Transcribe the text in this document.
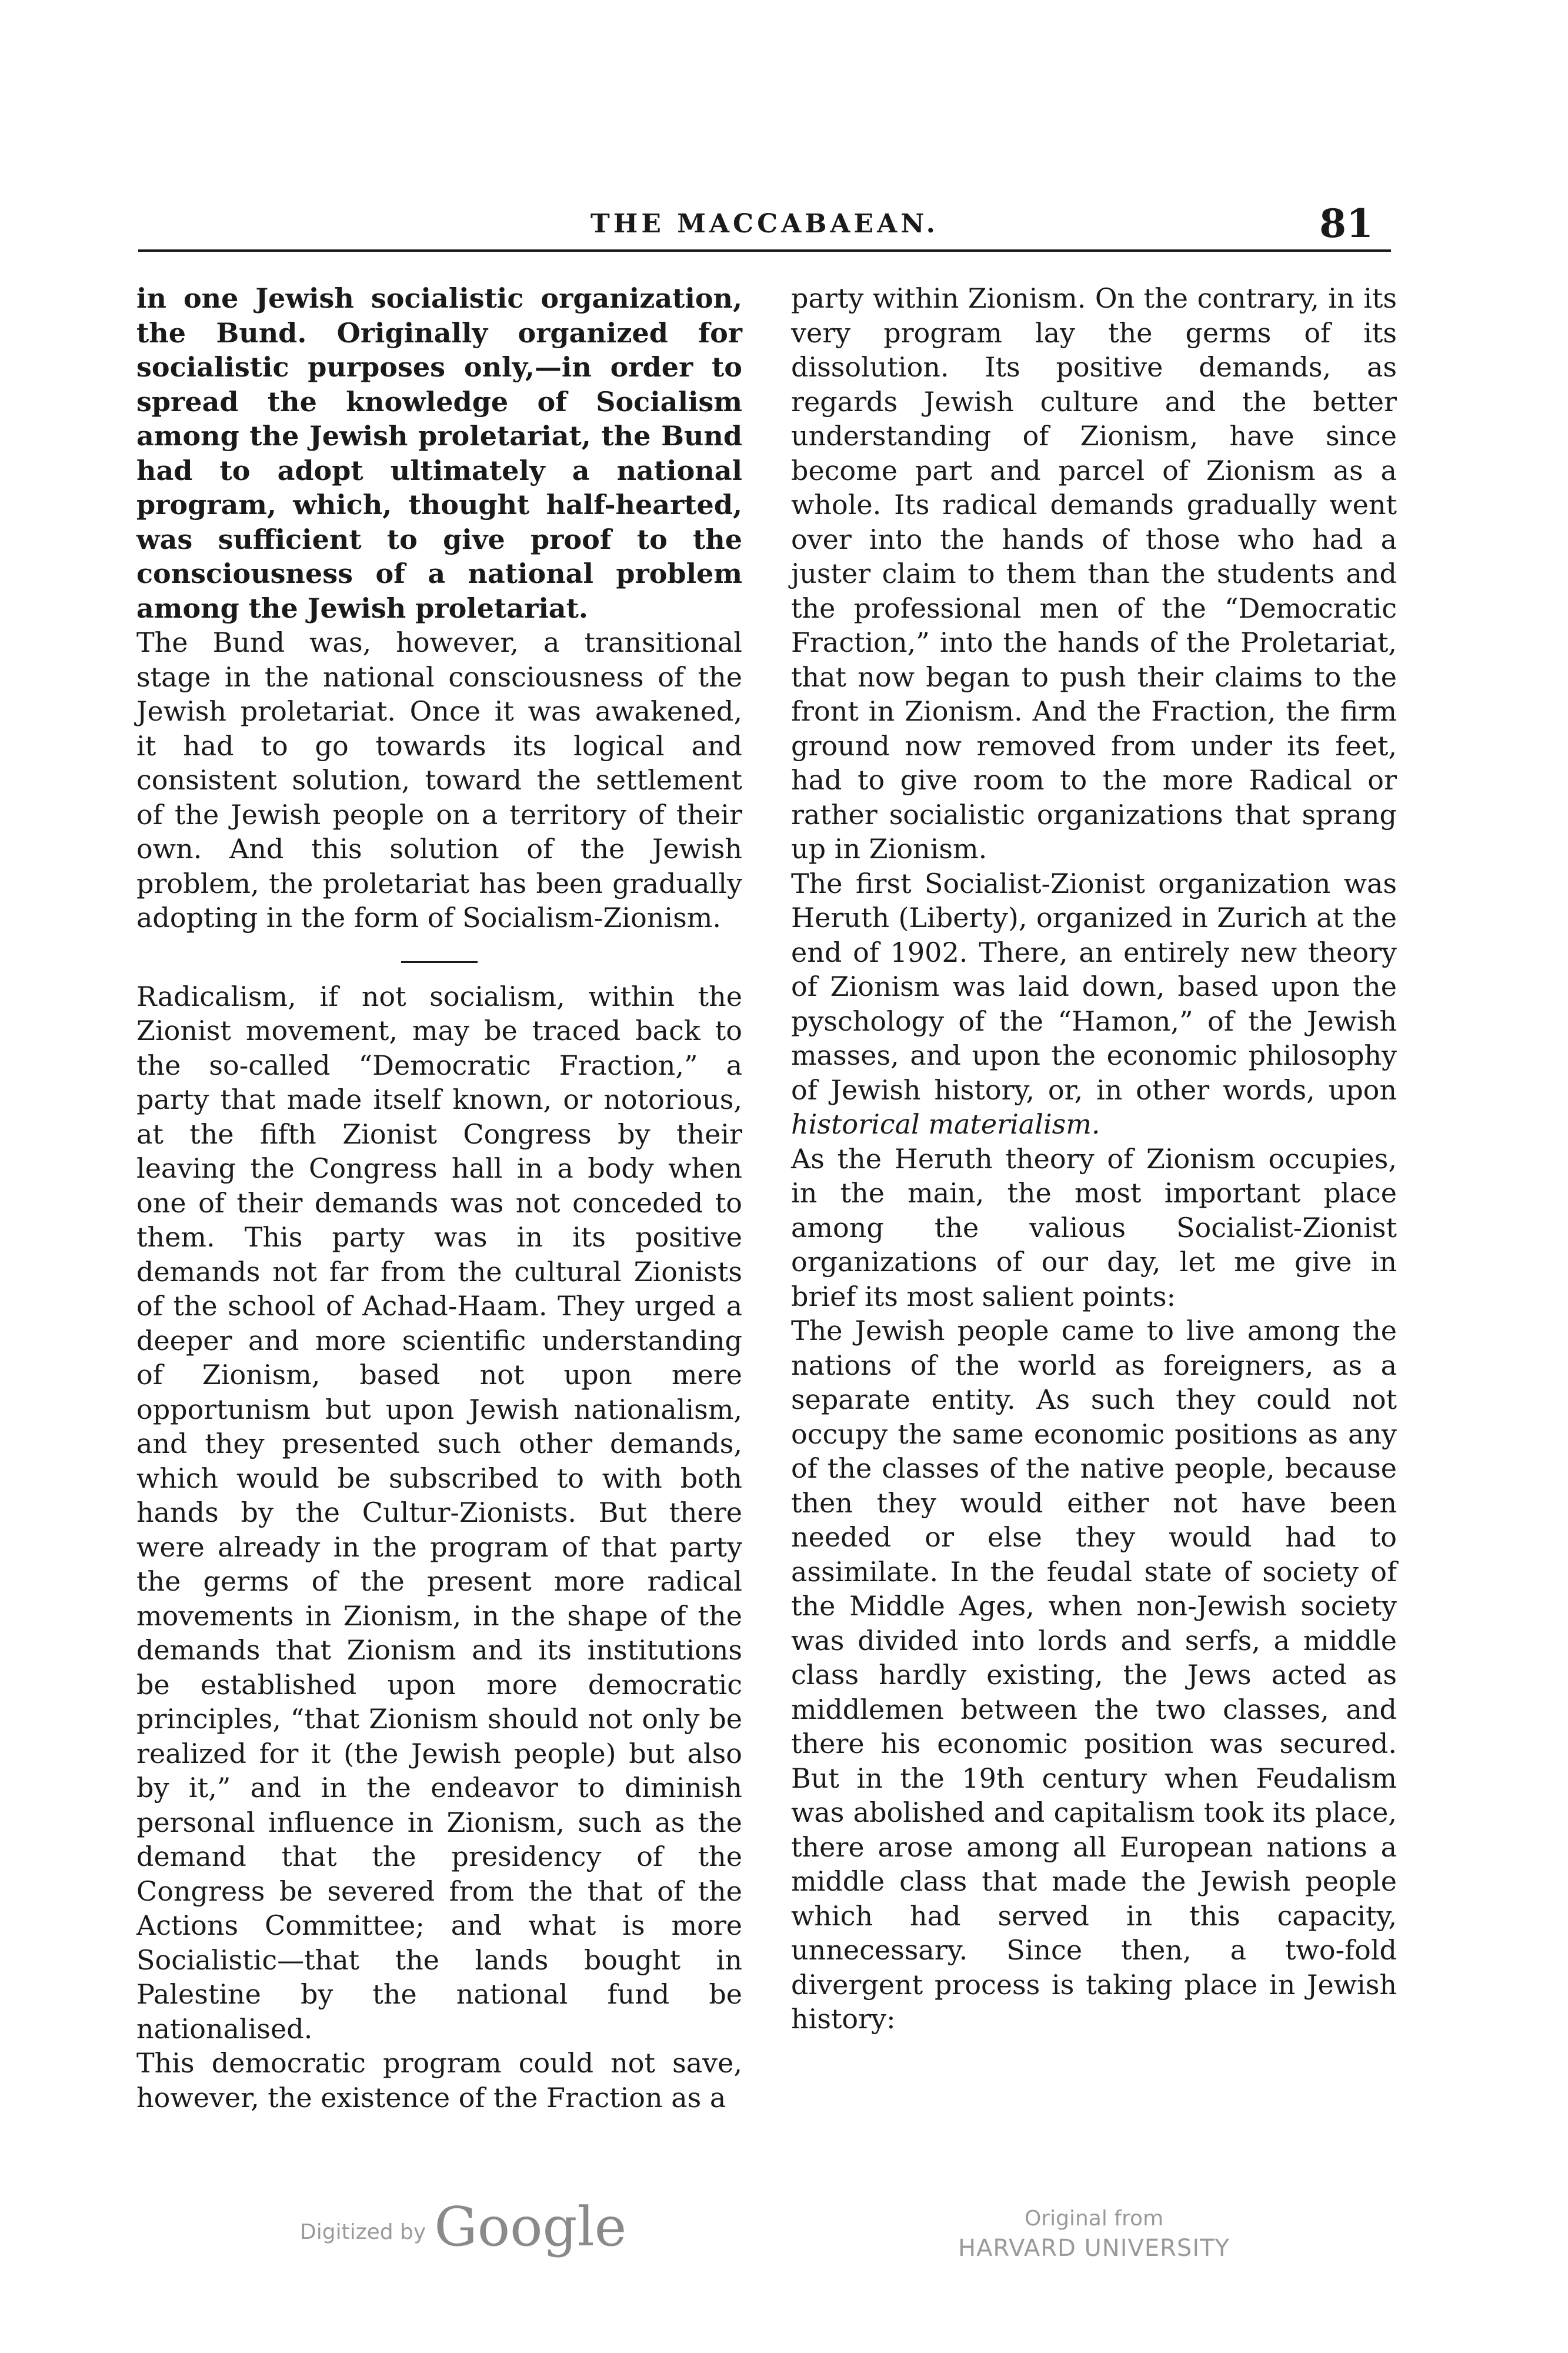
THE MACCABAEAN.	81

in one Jewish socialistic organization, the Bund. Originally organized for socialistic purposes only,—in order to spread the knowledge of Socialism among the Jewish proletariat, the Bund had to adopt ultimately a national program, which, thought half-hearted, was sufficient to give proof to the consciousness of a national problem among the Jewish proletariat.

The Bund was, however, a transitional stage in the national consciousness of the Jewish proletariat. Once it was awakened, it had to go towards its logical and consistent solution, toward the settlement of the Jewish people on a territory of their own. And this solution of the Jewish problem, the proletariat has been gradually adopting in the form of Socialism-Zionism.

Radicalism, if not socialism, within the Zionist movement, may be traced back to the so-called “Democratic Fraction,” a party that made itself known, or notorious, at the fifth Zionist Congress by their leaving the Congress hall in a body when one of their demands was not conceded to them. This party was in its positive demands not far from the cultural Zionists of the school of Achad-Haam. They urged a deeper and more scientific understanding of Zionism, based not upon mere opportunism but upon Jewish nationalism, and they presented such other demands, which would be subscribed to with both hands by the Cultur-Zionists. But there were already in the program of that party the germs of the present more radical movements in Zionism, in the shape of the demands that Zionism and its institutions be established upon more democratic principles, “that Zionism should not only be realized for it (the Jewish people) but also by it,” and in the endeavor to diminish personal influence in Zionism, such as the demand that the presidency of the Congress be severed from the that of the Actions Committee; and what is more Socialistic—that the lands bought in Palestine by the national fund be nationalised.

This democratic program could not save, however, the existence of the Fraction as a

party within Zionism. On the contrary, in its very program lay the germs of its dissolution. Its positive demands, as regards Jewish culture and the better understanding of Zionism, have since become part and parcel of Zionism as a whole. Its radical demands gradually went over into the hands of those who had a juster claim to them than the students and the professional men of the “Democratic Fraction,” into the hands of the Proletariat, that now began to push their claims to the front in Zionism. And the Fraction, the firm ground now removed from under its feet, had to give room to the more Radical or rather socialistic organizations that sprang up in Zionism.

The first Socialist-Zionist organization was Heruth (Liberty), organized in Zurich at the end of 1902. There, an entirely new theory of Zionism was laid down, based upon the pyschology of the “Hamon,” of the Jewish masses, and upon the economic philosophy of Jewish history, or, in other words, upon historical materialism.

As the Heruth theory of Zionism occupies, in the main, the most important place among the valious Socialist-Zionist organizations of our day, let me give in brief its most salient points:

The Jewish people came to live among the nations of the world as foreigners, as a separate entity. As such they could not occupy the same economic positions as any of the classes of the native people, because then they would either not have been needed or else they would had to assimilate. In the feudal state of society of the Middle Ages, when non-Jewish society was divided into lords and serfs, a middle class hardly existing, the Jews acted as middlemen between the two classes, and there his economic position was secured. But in the 19th century when Feudalism was abolished and capitalism took its place, there arose among all European nations a middle class that made the Jewish people which had served in this capacity, unnecessary. Since then, a two-fold divergent process is taking place in Jewish history:

Digitized by Google	Original from
HARVARD UNIVERSITY
